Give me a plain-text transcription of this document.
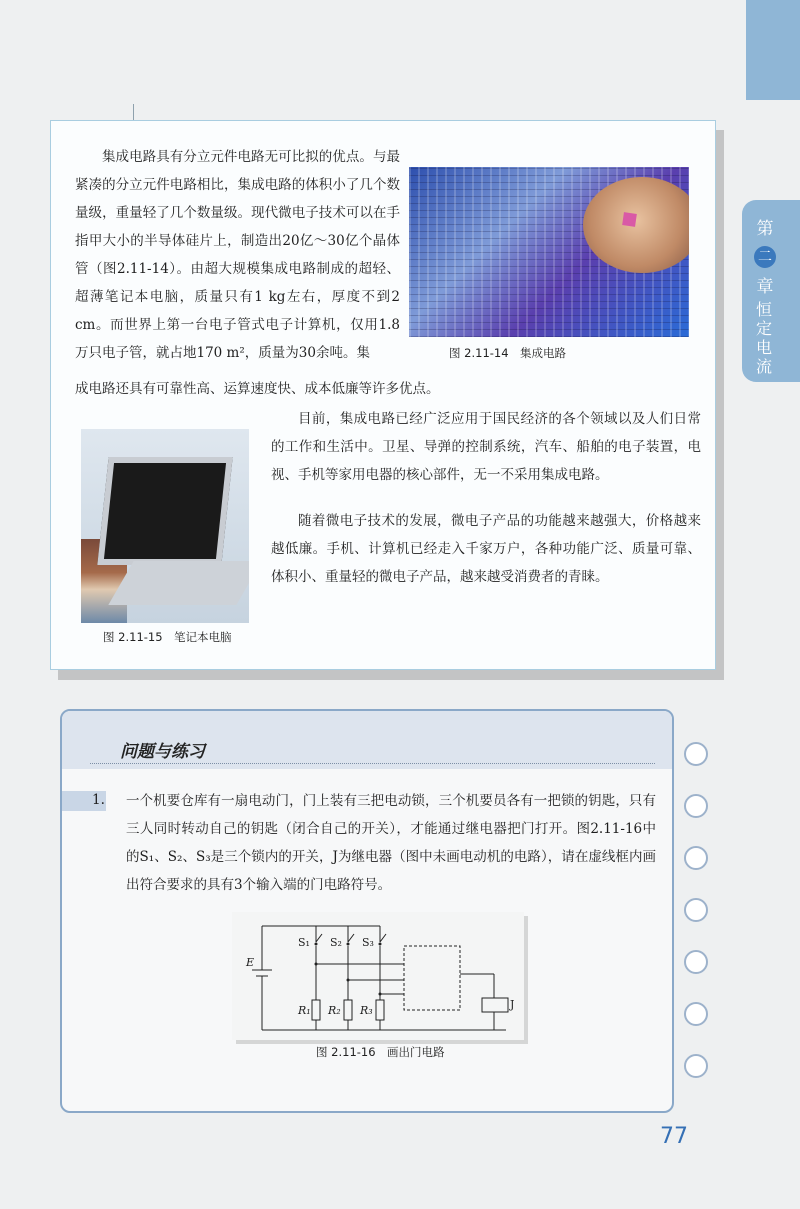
第
二
章
恒定电流

集成电路具有分立元件电路无可比拟的优点。与最紧凑的分立元件电路相比，集成电路的体积小了几个数量级，重量轻了几个数量级。现代微电子技术可以在手指甲大小的半导体硅片上，制造出20亿～30亿个晶体管（图2.11-14）。由超大规模集成电路制成的超轻、超薄笔记本电脑，质量只有1 kg左右，厚度不到2 cm。而世界上第一台电子管式电子计算机，仅用1.8万只电子管，就占地170 m²，质量为30余吨。集	图 2.11-14　集成电路

成电路还具有可靠性高、运算速度快、成本低廉等许多优点。

图 2.11-15　笔记本电脑

目前，集成电路已经广泛应用于国民经济的各个领域以及人们日常的工作和生活中。卫星、导弹的控制系统，汽车、船舶的电子装置，电视、手机等家用电器的核心部件，无一不采用集成电路。

随着微电子技术的发展，微电子产品的功能越来越强大，价格越来越低廉。手机、计算机已经走入千家万户，各种功能广泛、质量可靠、体积小、重量轻的微电子产品，越来越受消费者的青睐。

问题与练习
1. 一个机要仓库有一扇电动门，门上装有三把电动锁，三个机要员各有一把锁的钥匙，只有三人同时转动自己的钥匙（闭合自己的开关），才能通过继电器把门打开。图2.11-16中的S₁、S₂、S₃是三个锁内的开关，J为继电器（图中未画电动机的电路），请在虚线框内画出符合要求的具有3个输入端的门电路符号。

S₁ S₂ S₃
E
R₁ R₂ R₃	J
图 2.11-16　画出门电路
77
